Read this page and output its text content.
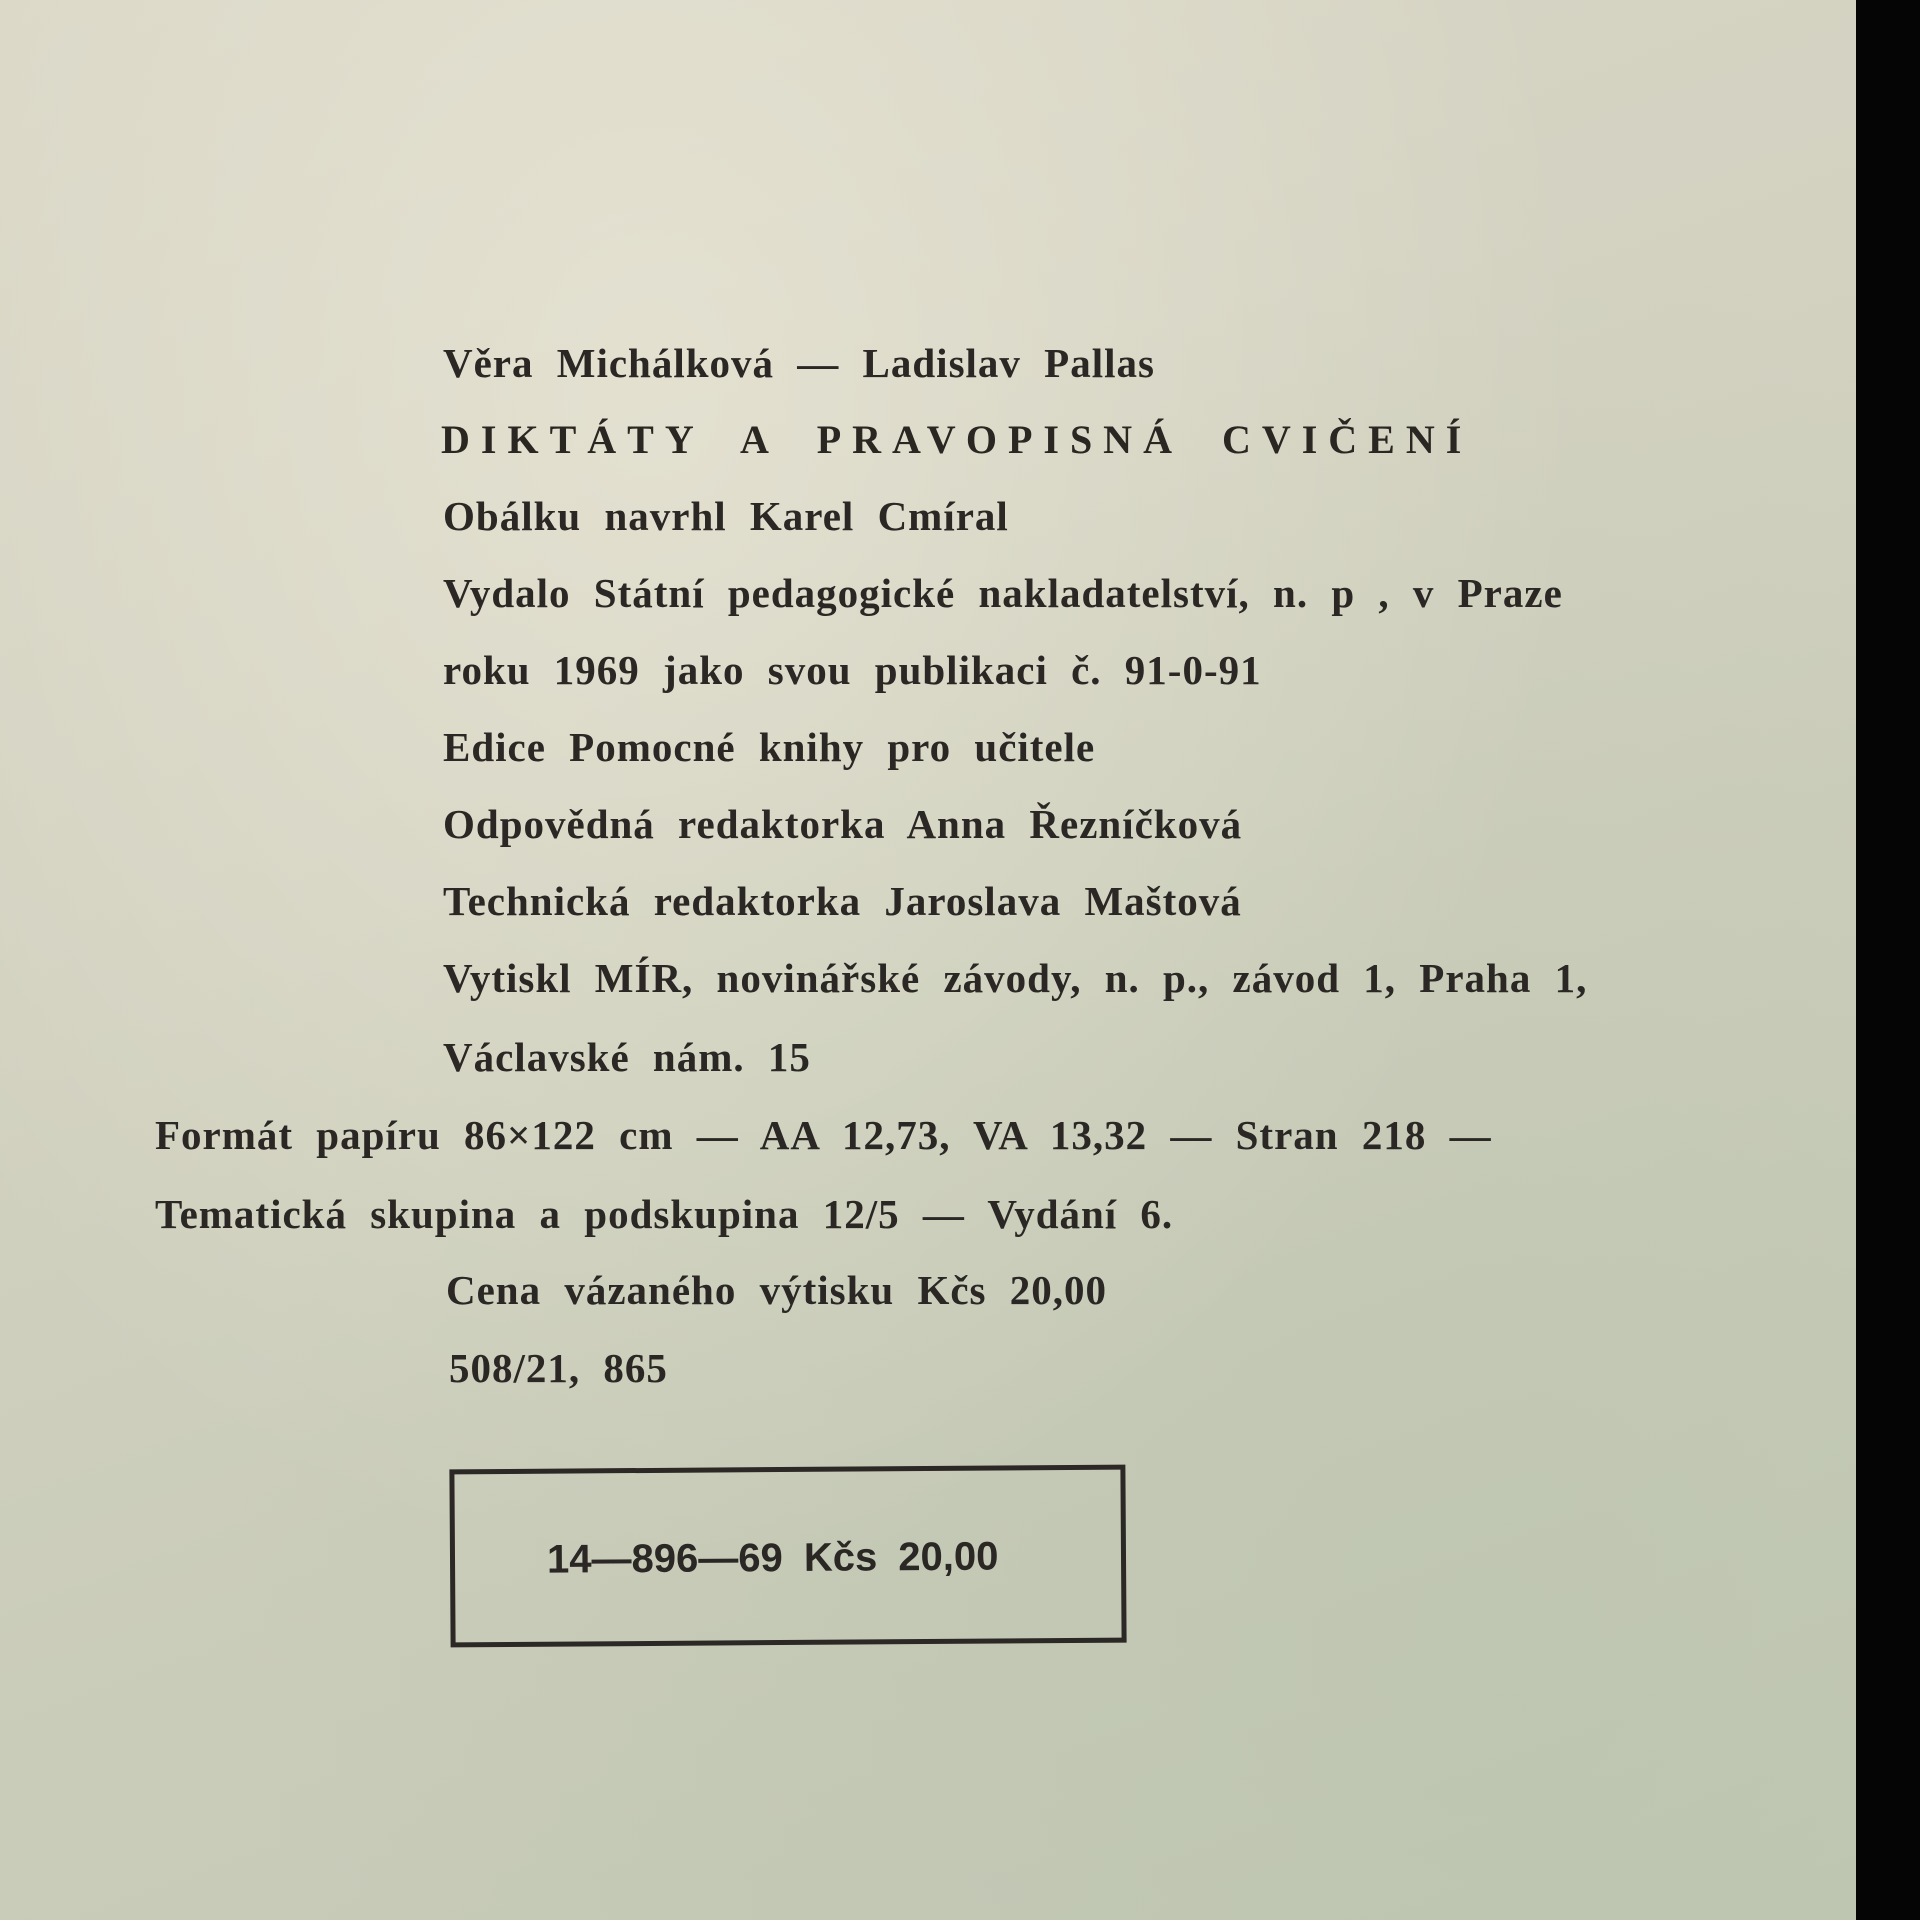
Věra Michálková — Ladislav Pallas
DIKTÁTY A PRAVOPISNÁ CVIČENÍ
Obálku navrhl Karel Cmíral
Vydalo Státní pedagogické nakladatelství, n. p , v Praze
roku 1969 jako svou publikaci č. 91-0-91
Edice Pomocné knihy pro učitele
Odpovědná redaktorka Anna Řezníčková
Technická redaktorka Jaroslava Maštová
Vytiskl MÍR, novinářské závody, n. p., závod 1, Praha 1,
Václavské nám. 15
Formát papíru 86×122 cm — AA 12,73, VA 13,32 — Stran 218 —
Tematická skupina a podskupina 12/5 — Vydání 6.
Cena vázaného výtisku Kčs 20,00
508/21, 865
14—896—69 Kčs 20,00
